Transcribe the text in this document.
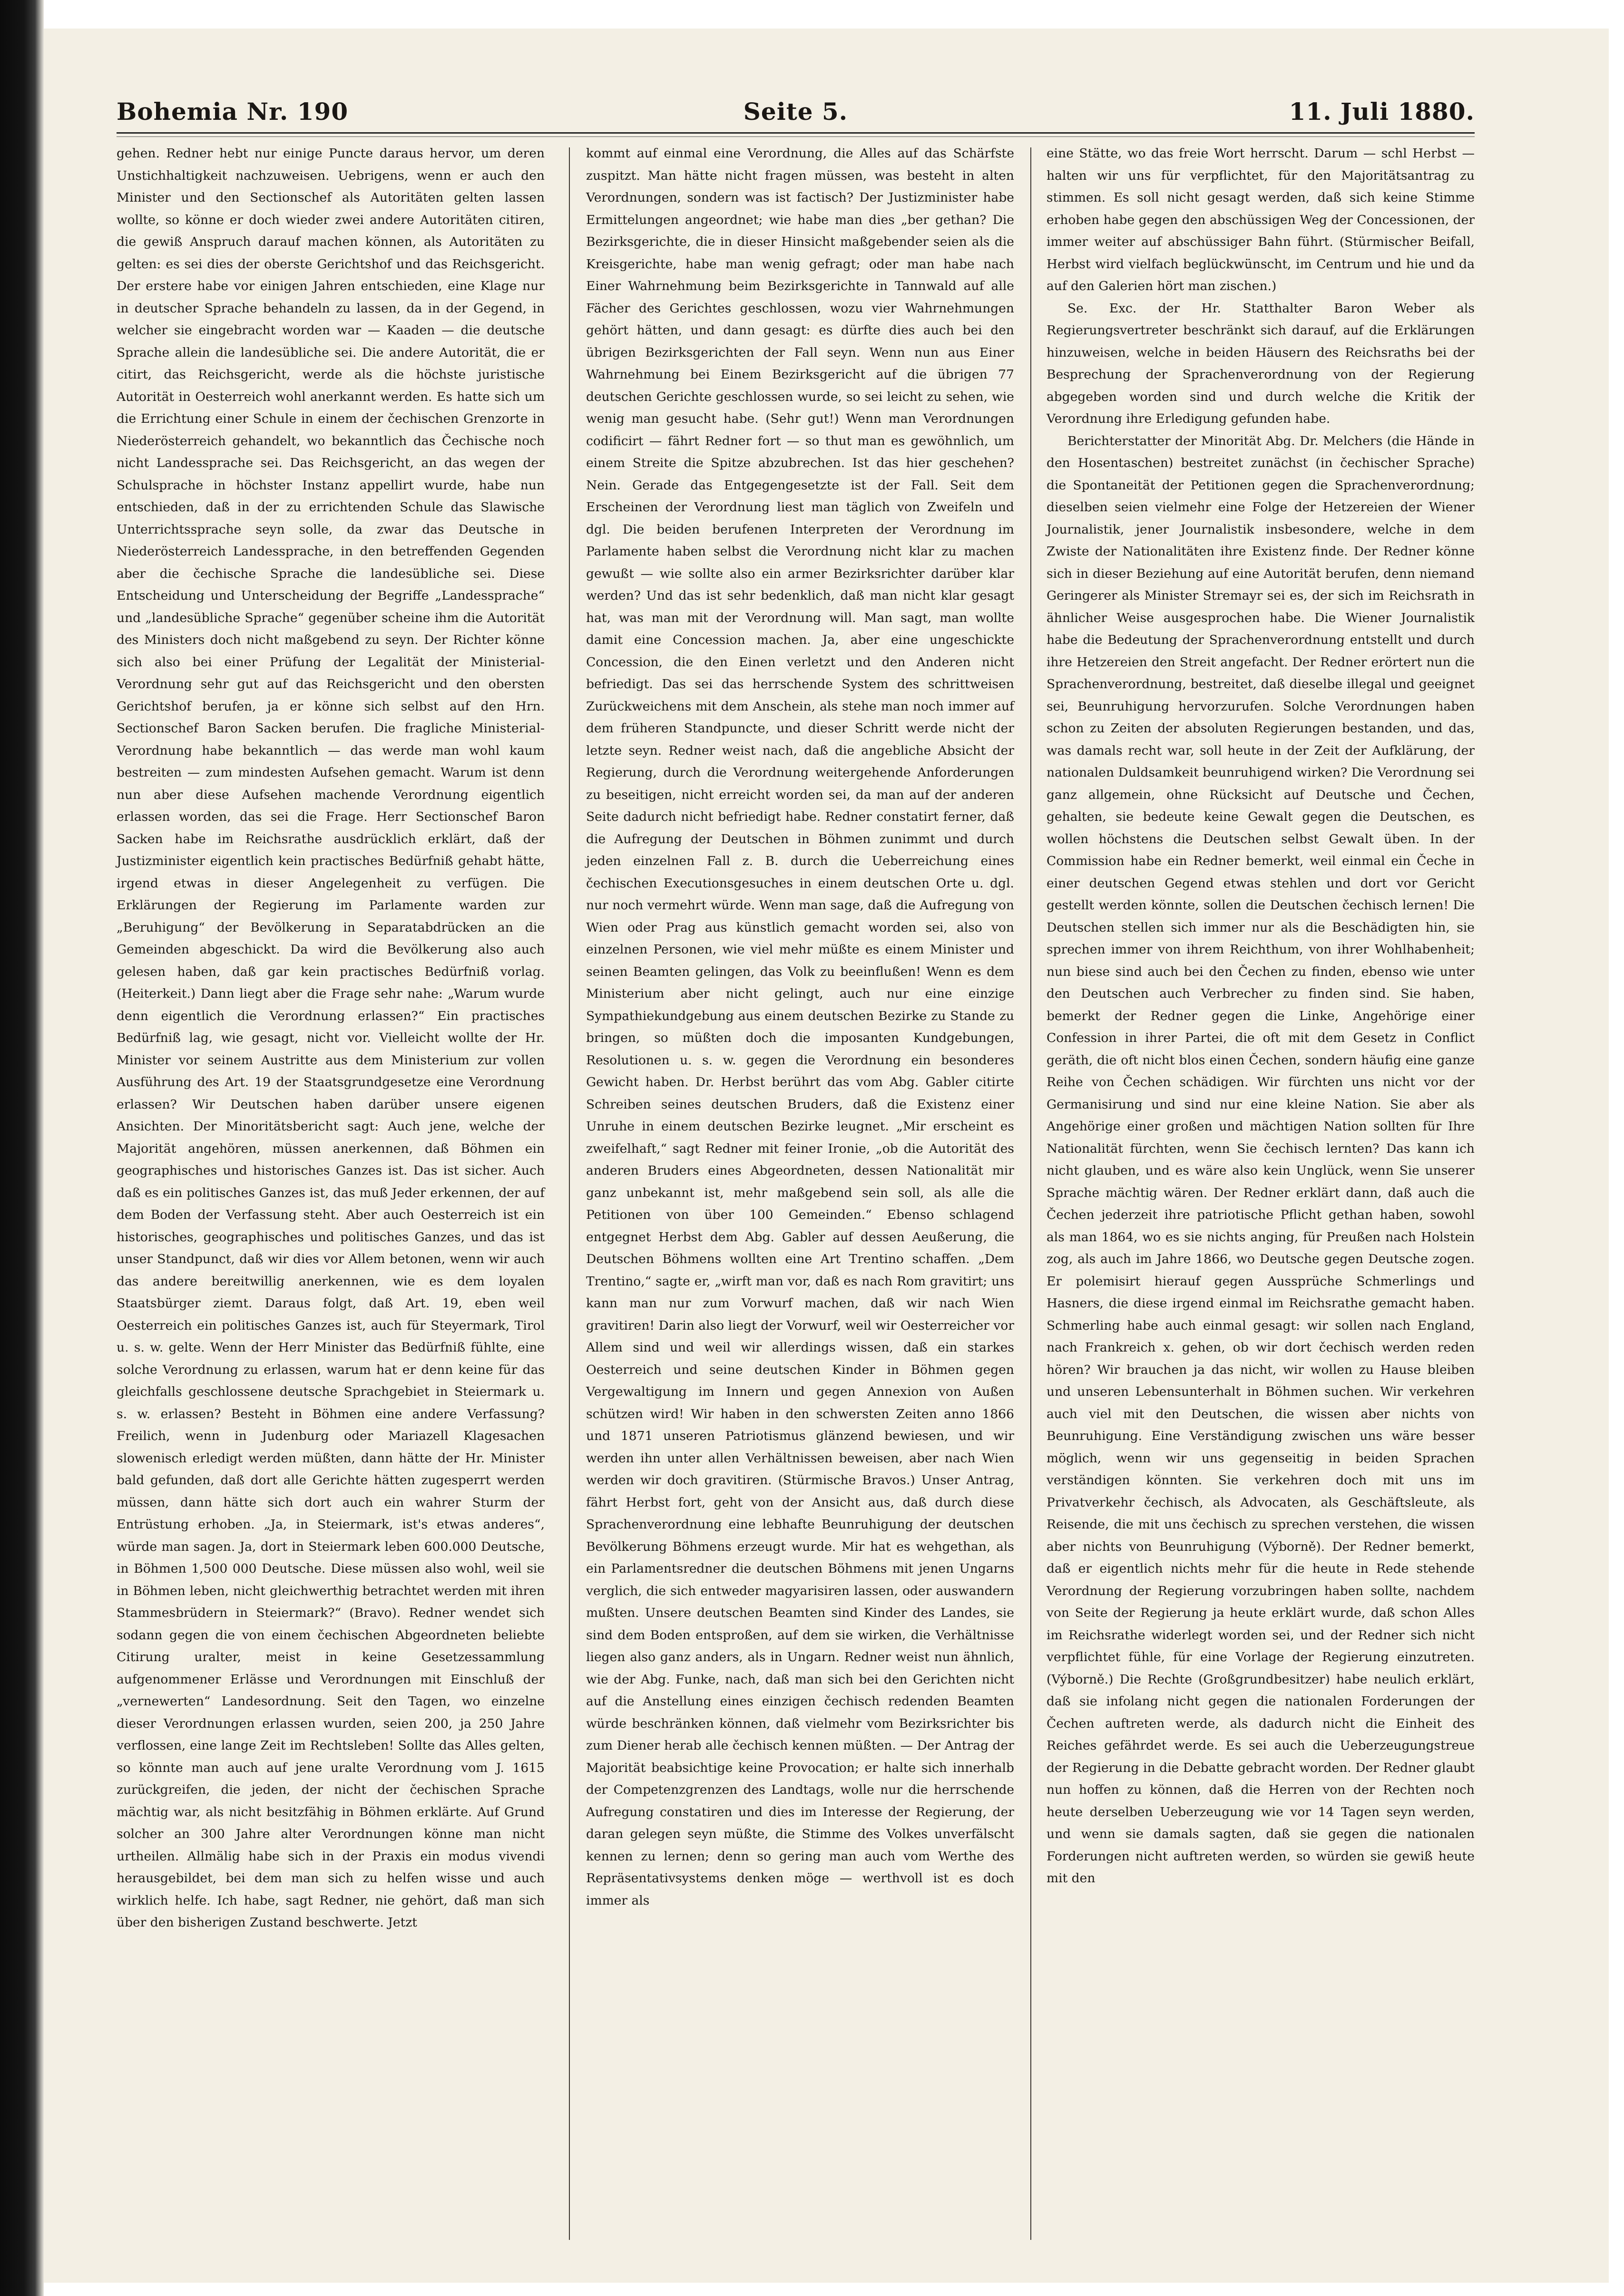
Bohemia Nr. 190	Seite 5.	11. Juli 1880.

gehen. Redner hebt nur einige Puncte daraus hervor, um deren Unstichhaltigkeit nachzuweisen. Uebrigens, wenn er auch den Minister und den Sectionschef als Autoritäten gelten lassen wollte, so könne er doch wieder zwei andere Autoritäten citiren, die gewiß Anspruch darauf machen können, als Autoritäten zu gelten: es sei dies der oberste Gerichtshof und das Reichsgericht. Der erstere habe vor einigen Jahren entschieden, eine Klage nur in deutscher Sprache behandeln zu lassen, da in der Gegend, in welcher sie eingebracht worden war — Kaaden — die deutsche Sprache allein die landesübliche sei. Die andere Autorität, die er citirt, das Reichsgericht, werde als die höchste juristische Autorität in Oesterreich wohl anerkannt werden. Es hatte sich um die Errichtung einer Schule in einem der čechischen Grenzorte in Niederösterreich gehandelt, wo bekanntlich das Čechische noch nicht Landessprache sei. Das Reichsgericht, an das wegen der Schulsprache in höchster Instanz appellirt wurde, habe nun entschieden, daß in der zu errichtenden Schule das Slawische Unterrichtssprache seyn solle, da zwar das Deutsche in Niederösterreich Landessprache, in den betreffenden Gegenden aber die čechische Sprache die landesübliche sei. Diese Entscheidung und Unterscheidung der Begriffe „Landessprache“ und „landesübliche Sprache“ gegenüber scheine ihm die Autorität des Ministers doch nicht maßgebend zu seyn. Der Richter könne sich also bei einer Prüfung der Legalität der Ministerial-Verordnung sehr gut auf das Reichsgericht und den obersten Gerichtshof berufen, ja er könne sich selbst auf den Hrn. Sectionschef Baron Sacken berufen. Die fragliche Ministerial-Verordnung habe bekanntlich — das werde man wohl kaum bestreiten — zum mindesten Aufsehen gemacht. Warum ist denn nun aber diese Aufsehen machende Verordnung eigentlich erlassen worden, das sei die Frage. Herr Sectionschef Baron Sacken habe im Reichsrathe ausdrücklich erklärt, daß der Justizminister eigentlich kein practisches Bedürfniß gehabt hätte, irgend etwas in dieser Angelegenheit zu verfügen. Die Erklärungen der Regierung im Parlamente warden zur „Beruhigung“ der Bevölkerung in Separatabdrücken an die Gemeinden abgeschickt. Da wird die Bevölkerung also auch gelesen haben, daß gar kein practisches Bedürfniß vorlag. (Heiterkeit.) Dann liegt aber die Frage sehr nahe: „Warum wurde denn eigentlich die Verordnung erlassen?“ Ein practisches Bedürfniß lag, wie gesagt, nicht vor. Vielleicht wollte der Hr. Minister vor seinem Austritte aus dem Ministerium zur vollen Ausführung des Art. 19 der Staatsgrundgesetze eine Verordnung erlassen? Wir Deutschen haben darüber unsere eigenen Ansichten. Der Minoritätsbericht sagt: Auch jene, welche der Majorität angehören, müssen anerkennen, daß Böhmen ein geographisches und historisches Ganzes ist. Das ist sicher. Auch daß es ein politisches Ganzes ist, das muß Jeder erkennen, der auf dem Boden der Verfassung steht. Aber auch Oesterreich ist ein historisches, geographisches und politisches Ganzes, und das ist unser Standpunct, daß wir dies vor Allem betonen, wenn wir auch das andere bereitwillig anerkennen, wie es dem loyalen Staatsbürger ziemt. Daraus folgt, daß Art. 19, eben weil Oesterreich ein politisches Ganzes ist, auch für Steyermark, Tirol u. s. w. gelte. Wenn der Herr Minister das Bedürfniß fühlte, eine solche Verordnung zu erlassen, warum hat er denn keine für das gleichfalls geschlossene deutsche Sprachgebiet in Steiermark u. s. w. erlassen? Besteht in Böhmen eine andere Verfassung? Freilich, wenn in Judenburg oder Mariazell Klagesachen slowenisch erledigt werden müßten, dann hätte der Hr. Minister bald gefunden, daß dort alle Gerichte hätten zugesperrt werden müssen, dann hätte sich dort auch ein wahrer Sturm der Entrüstung erhoben. „Ja, in Steiermark, ist's etwas anderes“, würde man sagen. Ja, dort in Steiermark leben 600.000 Deutsche, in Böhmen 1,500 000 Deutsche. Diese müssen also wohl, weil sie in Böhmen leben, nicht gleichwerthig betrachtet werden mit ihren Stammesbrüdern in Steiermark?“ (Bravo). Redner wendet sich sodann gegen die von einem čechischen Abgeordneten beliebte Citirung uralter, meist in keine Gesetzessammlung aufgenommener Erlässe und Verordnungen mit Einschluß der „vernewerten“ Landesordnung. Seit den Tagen, wo einzelne dieser Verordnungen erlassen wurden, seien 200, ja 250 Jahre verflossen, eine lange Zeit im Rechtsleben! Sollte das Alles gelten, so könnte man auch auf jene uralte Verordnung vom J. 1615 zurückgreifen, die jeden, der nicht der čechischen Sprache mächtig war, als nicht besitzfähig in Böhmen erklärte. Auf Grund solcher an 300 Jahre alter Verordnungen könne man nicht urtheilen. Allmälig habe sich in der Praxis ein modus vivendi herausgebildet, bei dem man sich zu helfen wisse und auch wirklich helfe. Ich habe, sagt Redner, nie gehört, daß man sich über den bisherigen Zustand beschwerte. Jetzt

kommt auf einmal eine Verordnung, die Alles auf das Schärfste zuspitzt. Man hätte nicht fragen müssen, was besteht in alten Verordnungen, sondern was ist factisch? Der Justizminister habe Ermittelungen angeordnet; wie habe man dies „ber gethan? Die Bezirksgerichte, die in dieser Hinsicht maßgebender seien als die Kreisgerichte, habe man wenig gefragt; oder man habe nach Einer Wahrnehmung beim Bezirksgerichte in Tannwald auf alle Fächer des Gerichtes geschlossen, wozu vier Wahrnehmungen gehört hätten, und dann gesagt: es dürfte dies auch bei den übrigen Bezirksgerichten der Fall seyn. Wenn nun aus Einer Wahrnehmung bei Einem Bezirksgericht auf die übrigen 77 deutschen Gerichte geschlossen wurde, so sei leicht zu sehen, wie wenig man gesucht habe. (Sehr gut!) Wenn man Verordnungen codificirt — fährt Redner fort — so thut man es gewöhnlich, um einem Streite die Spitze abzubrechen. Ist das hier geschehen? Nein. Gerade das Entgegengesetzte ist der Fall. Seit dem Erscheinen der Verordnung liest man täglich von Zweifeln und dgl. Die beiden berufenen Interpreten der Verordnung im Parlamente haben selbst die Verordnung nicht klar zu machen gewußt — wie sollte also ein armer Bezirksrichter darüber klar werden? Und das ist sehr bedenklich, daß man nicht klar gesagt hat, was man mit der Verordnung will. Man sagt, man wollte damit eine Concession machen. Ja, aber eine ungeschickte Concession, die den Einen verletzt und den Anderen nicht befriedigt. Das sei das herrschende System des schrittweisen Zurückweichens mit dem Anschein, als stehe man noch immer auf dem früheren Standpuncte, und dieser Schritt werde nicht der letzte seyn. Redner weist nach, daß die angebliche Absicht der Regierung, durch die Verordnung weitergehende Anforderungen zu beseitigen, nicht erreicht worden sei, da man auf der anderen Seite dadurch nicht befriedigt habe. Redner constatirt ferner, daß die Aufregung der Deutschen in Böhmen zunimmt und durch jeden einzelnen Fall z. B. durch die Ueberreichung eines čechischen Executionsgesuches in einem deutschen Orte u. dgl. nur noch vermehrt würde. Wenn man sage, daß die Aufregung von Wien oder Prag aus künstlich gemacht worden sei, also von einzelnen Personen, wie viel mehr müßte es einem Minister und seinen Beamten gelingen, das Volk zu beeinflußen! Wenn es dem Ministerium aber nicht gelingt, auch nur eine einzige Sympathiekundgebung aus einem deutschen Bezirke zu Stande zu bringen, so müßten doch die imposanten Kundgebungen, Resolutionen u. s. w. gegen die Verordnung ein besonderes Gewicht haben. Dr. Herbst berührt das vom Abg. Gabler citirte Schreiben seines deutschen Bruders, daß die Existenz einer Unruhe in einem deutschen Bezirke leugnet. „Mir erscheint es zweifelhaft,“ sagt Redner mit feiner Ironie, „ob die Autorität des anderen Bruders eines Abgeordneten, dessen Nationalität mir ganz unbekannt ist, mehr maßgebend sein soll, als alle die Petitionen von über 100 Gemeinden.“ Ebenso schlagend entgegnet Herbst dem Abg. Gabler auf dessen Aeußerung, die Deutschen Böhmens wollten eine Art Trentino schaffen. „Dem Trentino,“ sagte er, „wirft man vor, daß es nach Rom gravitirt; uns kann man nur zum Vorwurf machen, daß wir nach Wien gravitiren! Darin also liegt der Vorwurf, weil wir Oesterreicher vor Allem sind und weil wir allerdings wissen, daß ein starkes Oesterreich und seine deutschen Kinder in Böhmen gegen Vergewaltigung im Innern und gegen Annexion von Außen schützen wird! Wir haben in den schwersten Zeiten anno 1866 und 1871 unseren Patriotismus glänzend bewiesen, und wir werden ihn unter allen Verhältnissen beweisen, aber nach Wien werden wir doch gravitiren. (Stürmische Bravos.) Unser Antrag, fährt Herbst fort, geht von der Ansicht aus, daß durch diese Sprachenverordnung eine lebhafte Beunruhigung der deutschen Bevölkerung Böhmens erzeugt wurde. Mir hat es wehgethan, als ein Parlamentsredner die deutschen Böhmens mit jenen Ungarns verglich, die sich entweder magyarisiren lassen, oder auswandern mußten. Unsere deutschen Beamten sind Kinder des Landes, sie sind dem Boden entsproßen, auf dem sie wirken, die Verhältnisse liegen also ganz anders, als in Ungarn. Redner weist nun ähnlich, wie der Abg. Funke, nach, daß man sich bei den Gerichten nicht auf die Anstellung eines einzigen čechisch redenden Beamten würde beschränken können, daß vielmehr vom Bezirksrichter bis zum Diener herab alle čechisch kennen müßten. — Der Antrag der Majorität beabsichtige keine Provocation; er halte sich innerhalb der Competenzgrenzen des Landtags, wolle nur die herrschende Aufregung constatiren und dies im Interesse der Regierung, der daran gelegen seyn müßte, die Stimme des Volkes unverfälscht kennen zu lernen; denn so gering man auch vom Werthe des Repräsentativsystems denken möge — werthvoll ist es doch immer als

eine Stätte, wo das freie Wort herrscht. Darum — schl Herbst — halten wir uns für verpflichtet, für den Majoritätsantrag zu stimmen. Es soll nicht gesagt werden, daß sich keine Stimme erhoben habe gegen den abschüssigen Weg der Concessionen, der immer weiter auf abschüssiger Bahn führt. (Stürmischer Beifall, Herbst wird vielfach beglückwünscht, im Centrum und hie und da auf den Galerien hört man zischen.)

Se. Exc. der Hr. Statthalter Baron Weber als Regierungsvertreter beschränkt sich darauf, auf die Erklärungen hinzuweisen, welche in beiden Häusern des Reichsraths bei der Besprechung der Sprachenverordnung von der Regierung abgegeben worden sind und durch welche die Kritik der Verordnung ihre Erledigung gefunden habe.

Berichterstatter der Minorität Abg. Dr. Melchers (die Hände in den Hosentaschen) bestreitet zunächst (in čechischer Sprache) die Spontaneität der Petitionen gegen die Sprachenverordnung; dieselben seien vielmehr eine Folge der Hetzereien der Wiener Journalistik, jener Journalistik insbesondere, welche in dem Zwiste der Nationalitäten ihre Existenz finde. Der Redner könne sich in dieser Beziehung auf eine Autorität berufen, denn niemand Geringerer als Minister Stremayr sei es, der sich im Reichsrath in ähnlicher Weise ausgesprochen habe. Die Wiener Journalistik habe die Bedeutung der Sprachenverordnung entstellt und durch ihre Hetzereien den Streit angefacht. Der Redner erörtert nun die Sprachenverordnung, bestreitet, daß dieselbe illegal und geeignet sei, Beunruhigung hervorzurufen. Solche Verordnungen haben schon zu Zeiten der absoluten Regierungen bestanden, und das, was damals recht war, soll heute in der Zeit der Aufklärung, der nationalen Duldsamkeit beunruhigend wirken? Die Verordnung sei ganz allgemein, ohne Rücksicht auf Deutsche und Čechen, gehalten, sie bedeute keine Gewalt gegen die Deutschen, es wollen höchstens die Deutschen selbst Gewalt üben. In der Commission habe ein Redner bemerkt, weil einmal ein Čeche in einer deutschen Gegend etwas stehlen und dort vor Gericht gestellt werden könnte, sollen die Deutschen čechisch lernen! Die Deutschen stellen sich immer nur als die Beschädigten hin, sie sprechen immer von ihrem Reichthum, von ihrer Wohlhabenheit; nun biese sind auch bei den Čechen zu finden, ebenso wie unter den Deutschen auch Verbrecher zu finden sind. Sie haben, bemerkt der Redner gegen die Linke, Angehörige einer Confession in ihrer Partei, die oft mit dem Gesetz in Conflict geräth, die oft nicht blos einen Čechen, sondern häufig eine ganze Reihe von Čechen schädigen. Wir fürchten uns nicht vor der Germanisirung und sind nur eine kleine Nation. Sie aber als Angehörige einer großen und mächtigen Nation sollten für Ihre Nationalität fürchten, wenn Sie čechisch lernten? Das kann ich nicht glauben, und es wäre also kein Unglück, wenn Sie unserer Sprache mächtig wären. Der Redner erklärt dann, daß auch die Čechen jederzeit ihre patriotische Pflicht gethan haben, sowohl als man 1864, wo es sie nichts anging, für Preußen nach Holstein zog, als auch im Jahre 1866, wo Deutsche gegen Deutsche zogen. Er polemisirt hierauf gegen Aussprüche Schmerlings und Hasners, die diese irgend einmal im Reichsrathe gemacht haben. Schmerling habe auch einmal gesagt: wir sollen nach England, nach Frankreich x. gehen, ob wir dort čechisch werden reden hören? Wir brauchen ja das nicht, wir wollen zu Hause bleiben und unseren Lebensunterhalt in Böhmen suchen. Wir verkehren auch viel mit den Deutschen, die wissen aber nichts von Beunruhigung. Eine Verständigung zwischen uns wäre besser möglich, wenn wir uns gegenseitig in beiden Sprachen verständigen könnten. Sie verkehren doch mit uns im Privatverkehr čechisch, als Advocaten, als Geschäftsleute, als Reisende, die mit uns čechisch zu sprechen verstehen, die wissen aber nichts von Beunruhigung (Výborně). Der Redner bemerkt, daß er eigentlich nichts mehr für die heute in Rede stehende Verordnung der Regierung vorzubringen haben sollte, nachdem von Seite der Regierung ja heute erklärt wurde, daß schon Alles im Reichsrathe widerlegt worden sei, und der Redner sich nicht verpflichtet fühle, für eine Vorlage der Regierung einzutreten. (Výborně.) Die Rechte (Großgrundbesitzer) habe neulich erklärt, daß sie infolang nicht gegen die nationalen Forderungen der Čechen auftreten werde, als dadurch nicht die Einheit des Reiches gefährdet werde. Es sei auch die Ueberzeugungstreue der Regierung in die Debatte gebracht worden. Der Redner glaubt nun hoffen zu können, daß die Herren von der Rechten noch heute derselben Ueberzeugung wie vor 14 Tagen seyn werden, und wenn sie damals sagten, daß sie gegen die nationalen Forderungen nicht auftreten werden, so würden sie gewiß heute mit den
